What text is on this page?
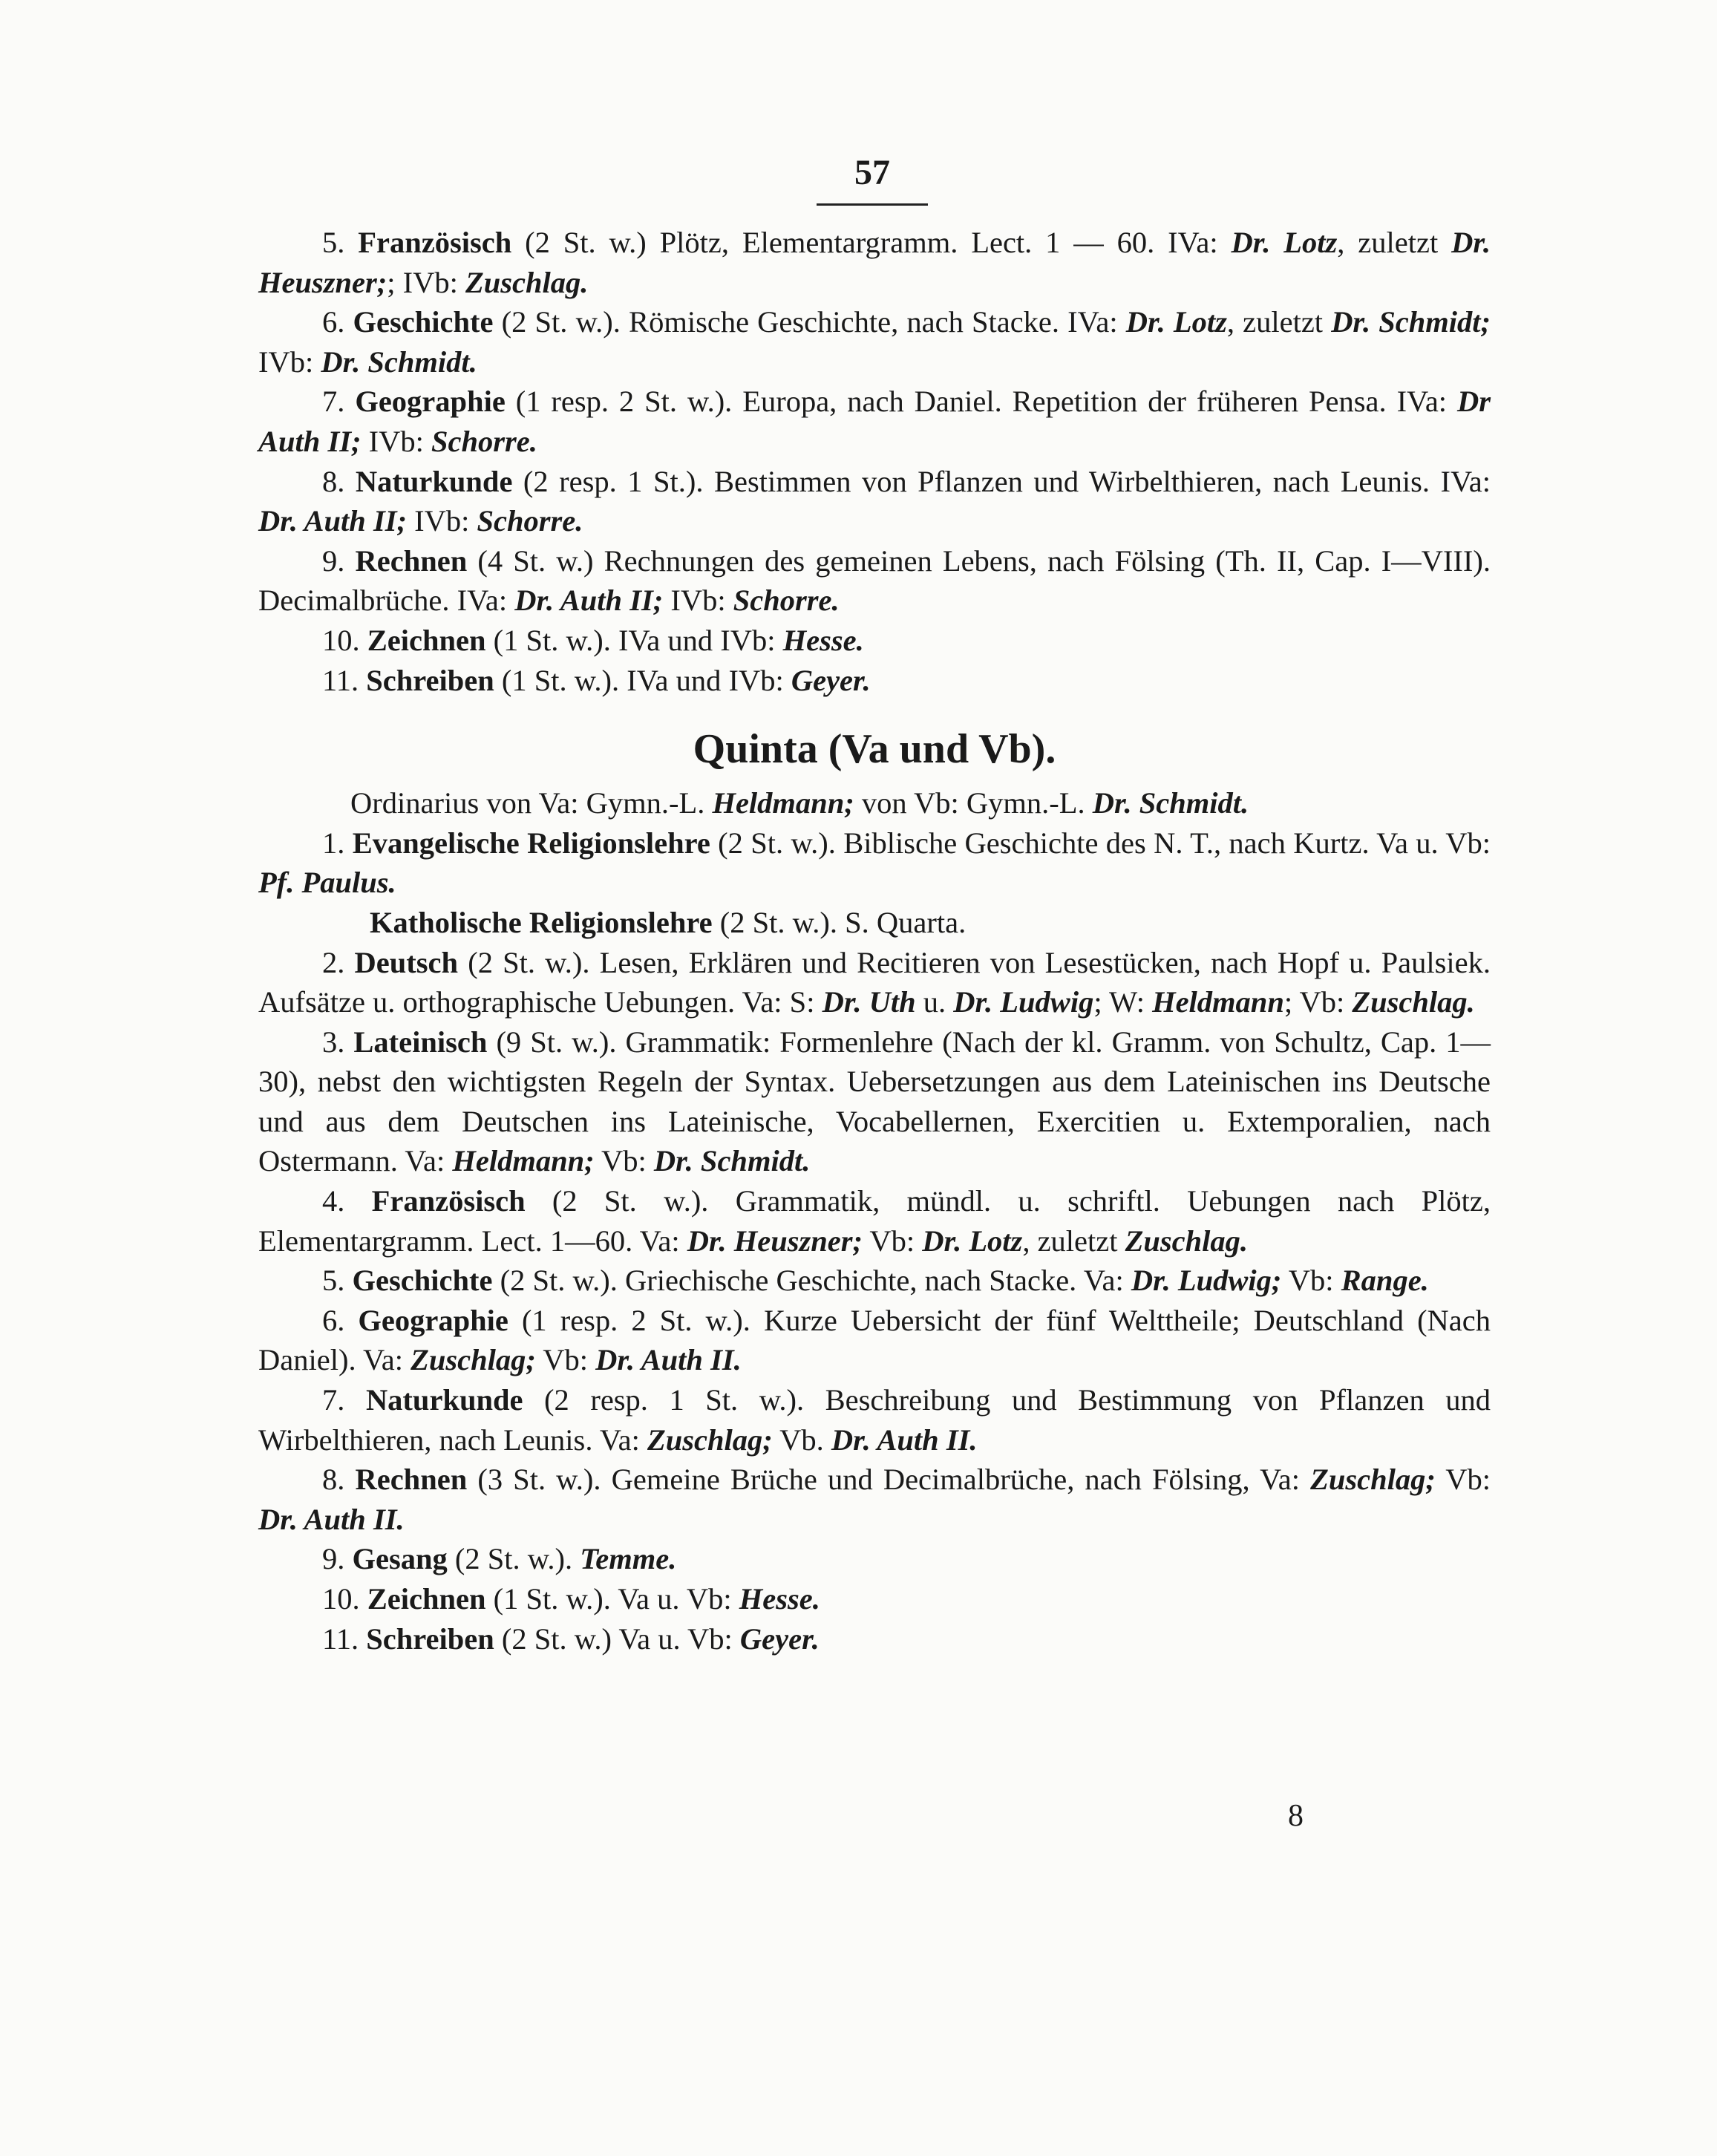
57

5. Französisch (2 St. w.) Plötz, Elementargramm. Lect. 1 — 60. IVa: Dr. Lotz, zuletzt Dr. Heuszner;; IVb: Zuschlag.

6. Geschichte (2 St. w.). Römische Geschichte, nach Stacke. IVa: Dr. Lotz, zuletzt Dr. Schmidt; IVb: Dr. Schmidt.

7. Geographie (1 resp. 2 St. w.). Europa, nach Daniel. Repetition der früheren Pensa. IVa: Dr Auth II; IVb: Schorre.

8. Naturkunde (2 resp. 1 St.). Bestimmen von Pflanzen und Wirbelthieren, nach Leunis. IVa: Dr. Auth II; IVb: Schorre.

9. Rechnen (4 St. w.) Rechnungen des gemeinen Lebens, nach Fölsing (Th. II, Cap. I—VIII). Decimalbrüche. IVa: Dr. Auth II; IVb: Schorre.

10. Zeichnen (1 St. w.). IVa und IVb: Hesse.

11. Schreiben (1 St. w.). IVa und IVb: Geyer.

Quinta (Va und Vb).

Ordinarius von Va: Gymn.-L. Heldmann; von Vb: Gymn.-L. Dr. Schmidt.

1. Evangelische Religionslehre (2 St. w.). Biblische Geschichte des N. T., nach Kurtz. Va u. Vb: Pf. Paulus.

Katholische Religionslehre (2 St. w.). S. Quarta.

2. Deutsch (2 St. w.). Lesen, Erklären und Recitieren von Lesestücken, nach Hopf u. Paulsiek. Aufsätze u. orthographische Uebungen. Va: S: Dr. Uth u. Dr. Ludwig; W: Heldmann; Vb: Zuschlag.

3. Lateinisch (9 St. w.). Grammatik: Formenlehre (Nach der kl. Gramm. von Schultz, Cap. 1—30), nebst den wichtigsten Regeln der Syntax. Uebersetzungen aus dem Lateinischen ins Deutsche und aus dem Deutschen ins Lateinische, Vocabellernen, Exercitien u. Extemporalien, nach Ostermann. Va: Heldmann; Vb: Dr. Schmidt.

4. Französisch (2 St. w.). Grammatik, mündl. u. schriftl. Uebungen nach Plötz, Elementargramm. Lect. 1—60. Va: Dr. Heuszner; Vb: Dr. Lotz, zuletzt Zuschlag.

5. Geschichte (2 St. w.). Griechische Geschichte, nach Stacke. Va: Dr. Ludwig; Vb: Range.

6. Geographie (1 resp. 2 St. w.). Kurze Uebersicht der fünf Welttheile; Deutschland (Nach Daniel). Va: Zuschlag; Vb: Dr. Auth II.

7. Naturkunde (2 resp. 1 St. w.). Beschreibung und Bestimmung von Pflanzen und Wirbelthieren, nach Leunis. Va: Zuschlag; Vb. Dr. Auth II.

8. Rechnen (3 St. w.). Gemeine Brüche und Decimalbrüche, nach Fölsing, Va: Zuschlag; Vb: Dr. Auth II.

9. Gesang (2 St. w.). Temme.

10. Zeichnen (1 St. w.). Va u. Vb: Hesse.

11. Schreiben (2 St. w.) Va u. Vb: Geyer.

8
